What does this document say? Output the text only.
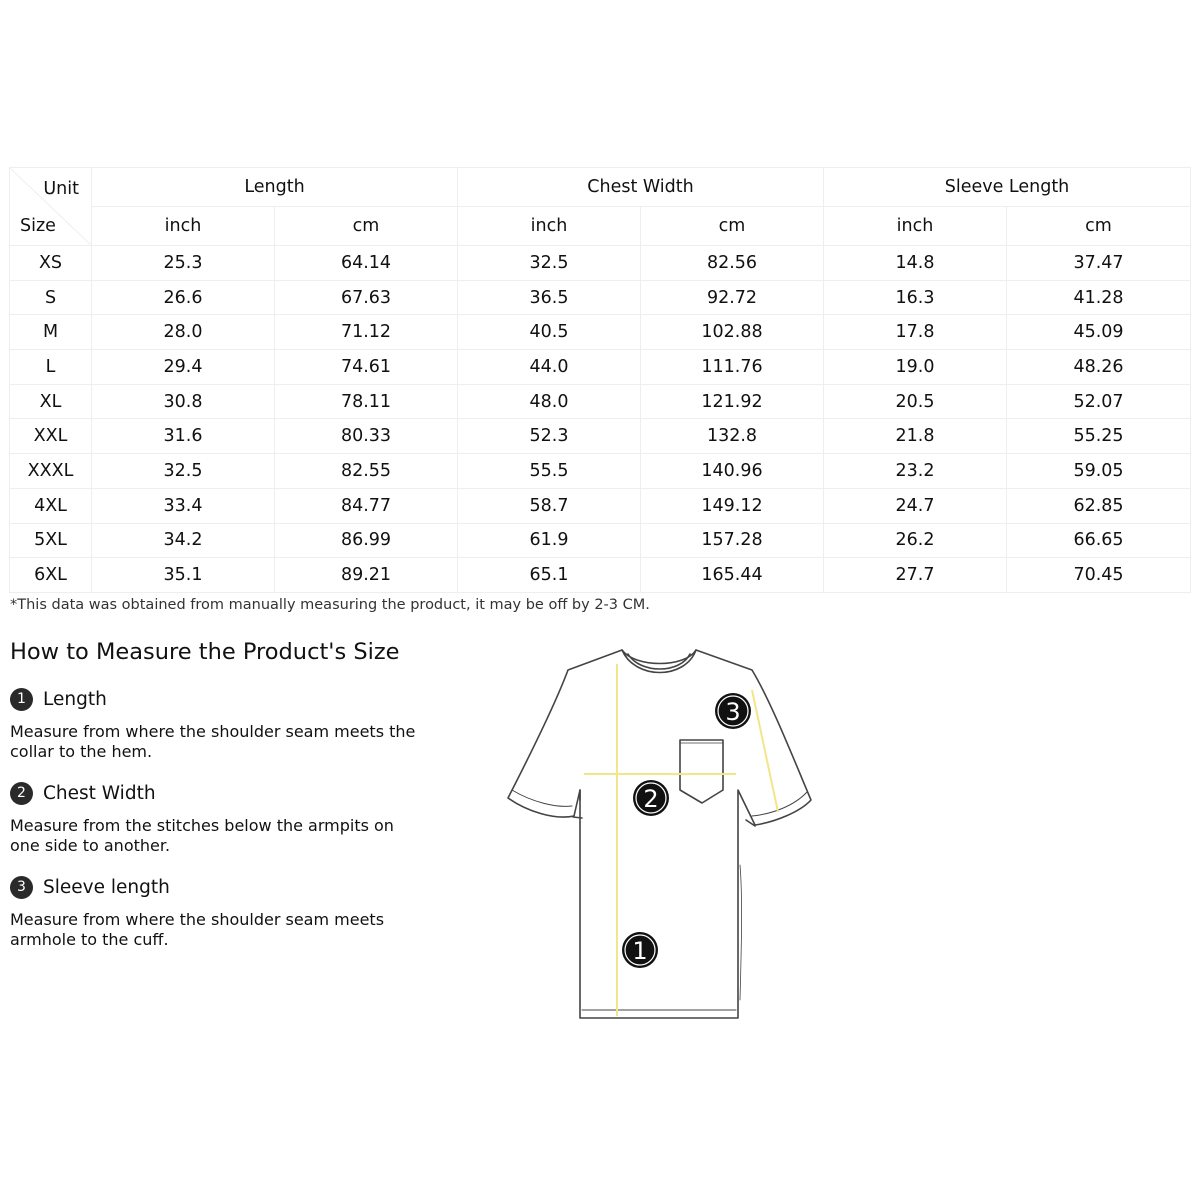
Unit
Size	Length		Chest Width		Sleeve Length	
	inch	cm	inch	cm	inch	cm
XS	25.3	64.14	32.5	82.56	14.8	37.47
S	26.6	67.63	36.5	92.72	16.3	41.28
M	28.0	71.12	40.5	102.88	17.8	45.09
L	29.4	74.61	44.0	111.76	19.0	48.26
XL	30.8	78.11	48.0	121.92	20.5	52.07
XXL	31.6	80.33	52.3	132.8	21.8	55.25
XXXL	32.5	82.55	55.5	140.96	23.2	59.05
4XL	33.4	84.77	58.7	149.12	24.7	62.85
5XL	34.2	86.99	61.9	157.28	26.2	66.65
6XL	35.1	89.21	65.1	165.44	27.7	70.45
*This data was obtained from manually measuring the product, it may be off by 2-3 CM.
How to Measure the Product's Size
1 Length
Measure from where the shoulder seam meets the collar to the hem.
2 Chest Width
Measure from the stitches below the armpits on one side to another.
3 Sleeve length
Measure from where the shoulder seam meets armhole to the cuff.	1
2
3
